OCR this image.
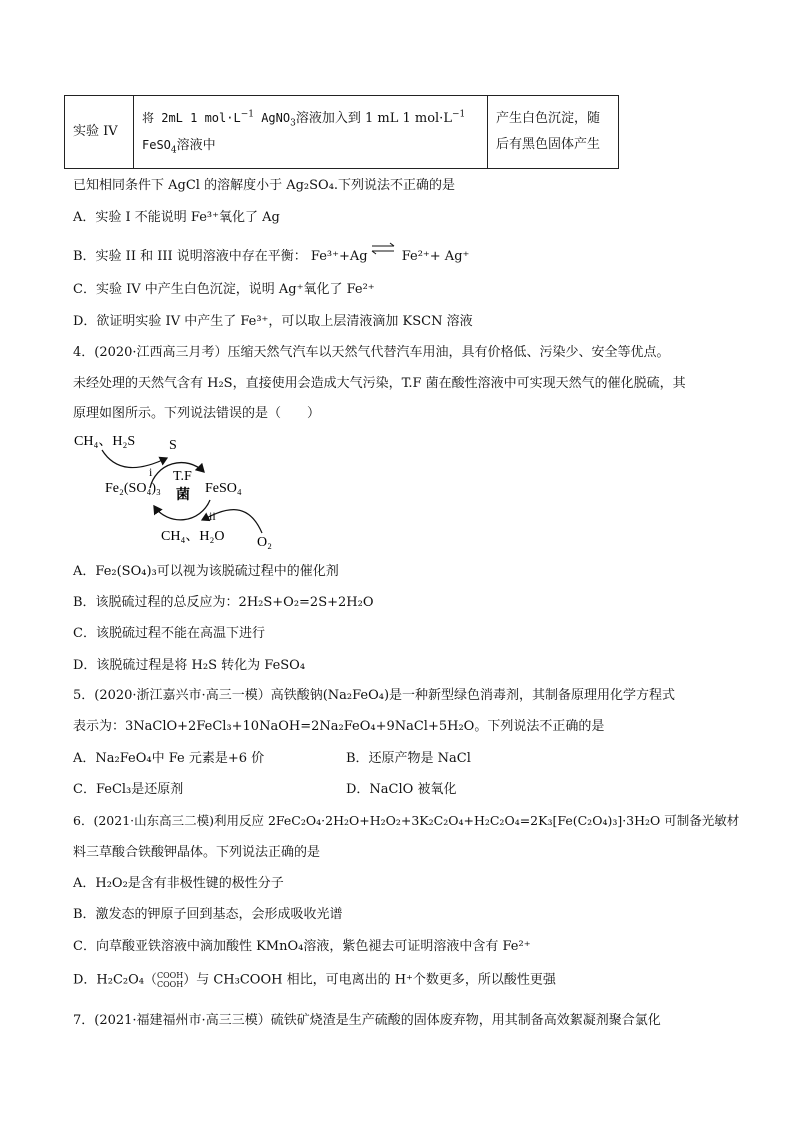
实验 IV	将 2mL 1 $mol\cdot L^{-1}$ AgNO$_3$溶液加入到 1 mL 1 $mol\cdot L^{-1}$ FeSO$_4$溶液中	产生白色沉淀，随后有黑色固体产生
已知相同条件下 AgCl 的溶解度小于 Ag₂SO₄.下列说法不正确的是
A．实验 I 不能说明 Fe³⁺氧化了 Ag
B．实验 II 和 III 说明溶液中存在平衡： Fe³⁺+Ag⇌ Fe²⁺+ Ag⁺
C．实验 IV 中产生白色沉淀，说明 Ag⁺氧化了 Fe²⁺
D．欲证明实验 IV 中产生了 Fe³⁺，可以取上层清液滴加 KSCN 溶液
4．(2020·江西高三月考）压缩天然气汽车以天然气代替汽车用油，具有价格低、污染少、安全等优点。
未经处理的天然气含有 H₂S，直接使用会造成大气污染，T.F 菌在酸性溶液中可实现天然气的催化脱硫，其
原理如图所示。下列说法错误的是（　　）
CH₄、H₂S S
i
Fe₂(SO₄)₃	FeSO₄
T.F
菌
ii
CH₄、H₂O O₂
A．Fe₂(SO₄)₃可以视为该脱硫过程中的催化剂
B．该脱硫过程的总反应为：2H₂S+O₂=2S+2H₂O
C．该脱硫过程不能在高温下进行
D．该脱硫过程是将 H₂S 转化为 FeSO₄
5．(2020·浙江嘉兴市·高三一模）高铁酸钠(Na₂FeO₄)是一种新型绿色消毒剂，其制备原理用化学方程式
表示为：3NaClO+2FeCl₃+10NaOH=2Na₂FeO₄+9NaCl+5H₂O。下列说法不正确的是
A．Na₂FeO₄中 Fe 元素是+6 价	B．还原产物是 NaCl
C．FeCl₃是还原剂	D．NaClO 被氧化
6．(2021·山东高三二模)利用反应 2FeC₂O₄·2H₂O+H₂O₂+3K₂C₂O₄+H₂C₂O₄=2K₃[Fe(C₂O₄)₃]·3H₂O 可制备光敏材
料三草酸合铁酸钾晶体。下列说法正确的是
A．H₂O₂是含有非极性键的极性分子
B．激发态的钾原子回到基态，会形成吸收光谱
C．向草酸亚铁溶液中滴加酸性 KMnO₄溶液，紫色褪去可证明溶液中含有 Fe²⁺
D．H₂C₂O₄（COOH
COOH）与 CH₃COOH 相比，可电离出的 H⁺个数更多，所以酸性更强
7．(2021·福建福州市·高三三模）硫铁矿烧渣是生产硫酸的固体废弃物，用其制备高效絮凝剂聚合氯化
